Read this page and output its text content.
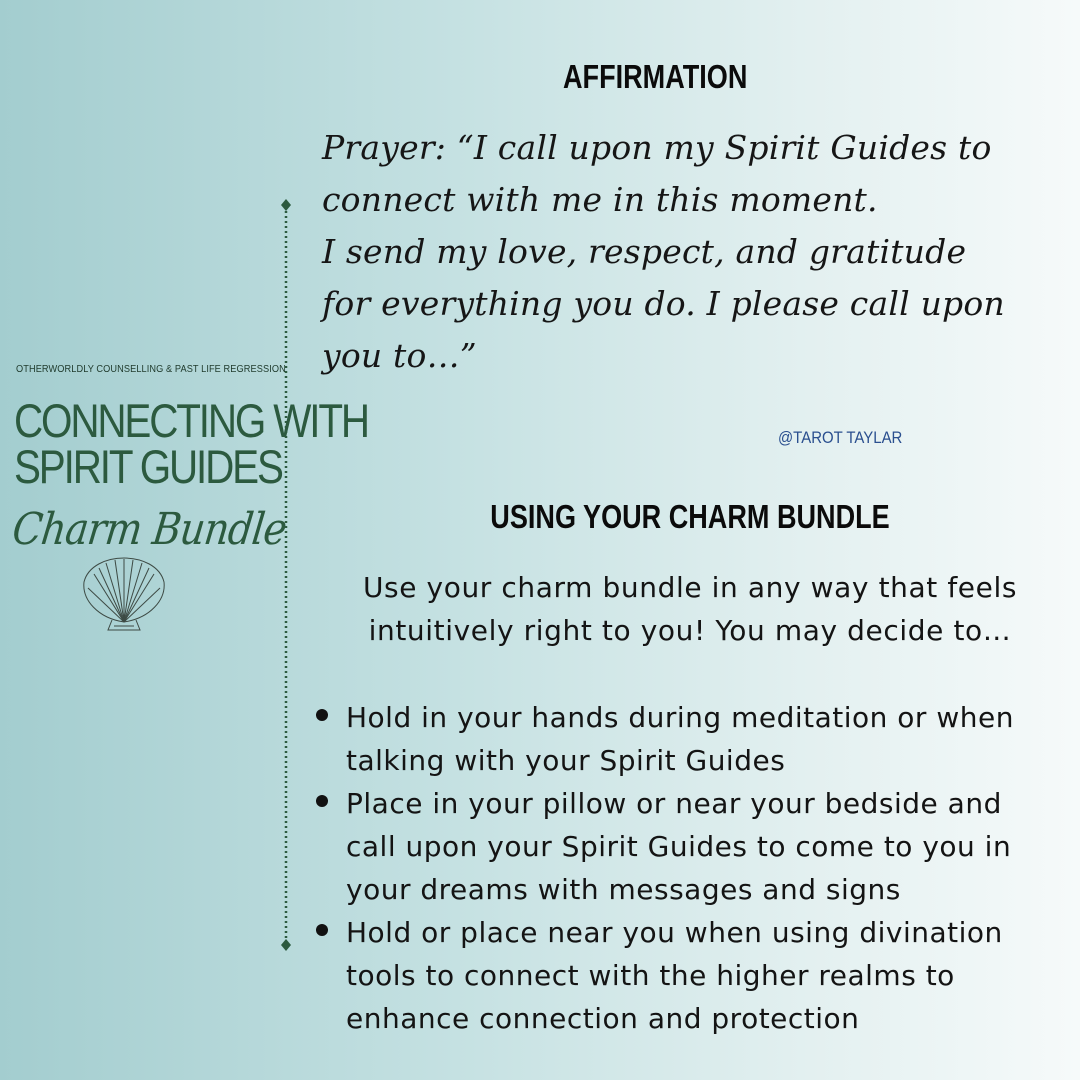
OTHERWORLDLY COUNSELLING & PAST LIFE REGRESSION
CONNECTING WITH
SPIRIT GUIDES
Charm Bundle
AFFIRMATION

Prayer: “I call upon my Spirit Guides to
connect with me in this moment.
I send my love, respect, and gratitude
for everything you do. I please call upon
you to…”

@TAROT TAYLAR
USING YOUR CHARM BUNDLE

Use your charm bundle in any way that feels
intuitively right to you! You may decide to…

Hold in your hands during meditation or when
talking with your Spirit Guides
Place in your pillow or near your bedside and
call upon your Spirit Guides to come to you in
your dreams with messages and signs
Hold or place near you when using divination
tools to connect with the higher realms to
enhance connection and protection
